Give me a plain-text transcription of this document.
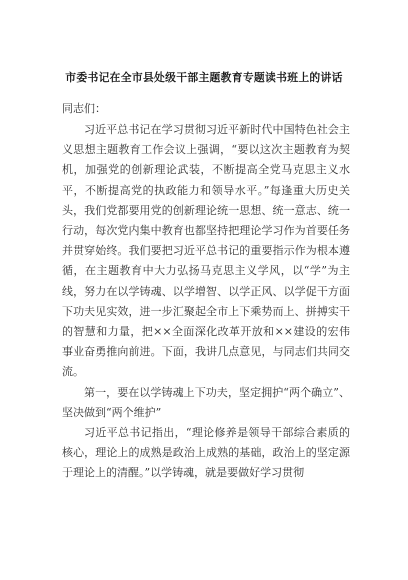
市委书记在全市县处级干部主题教育专题读书班上的讲话
同志们：

习近平总书记在学习贯彻习近平新时代中国特色社会主义思想主题教育工作会议上强调，“要以这次主题教育为契机，加强党的创新理论武装，不断提高全党马克思主义水平，不断提高党的执政能力和领导水平。”每逢重大历史关头，我们党都要用党的创新理论统一思想、统一意志、统一行动，每次党内集中教育也都坚持把理论学习作为首要任务并贯穿始终。我们要把习近平总书记的重要指示作为根本遵循，在主题教育中大力弘扬马克思主义学风，以“学”为主线，努力在以学铸魂、以学增智、以学正风、以学促干方面下功夫见实效，进一步汇聚起全市上下乘势而上、拼搏实干的智慧和力量，把××全面深化改革开放和××建设的宏伟事业奋勇推向前进。下面，我讲几点意见，与同志们共同交流。

第一，要在以学铸魂上下功夫，坚定拥护“两个确立”、坚决做到“两个维护”

习近平总书记指出，“理论修养是领导干部综合素质的核心，理论上的成熟是政治上成熟的基础，政治上的坚定源于理论上的清醒。”以学铸魂，就是要做好学习贯彻
